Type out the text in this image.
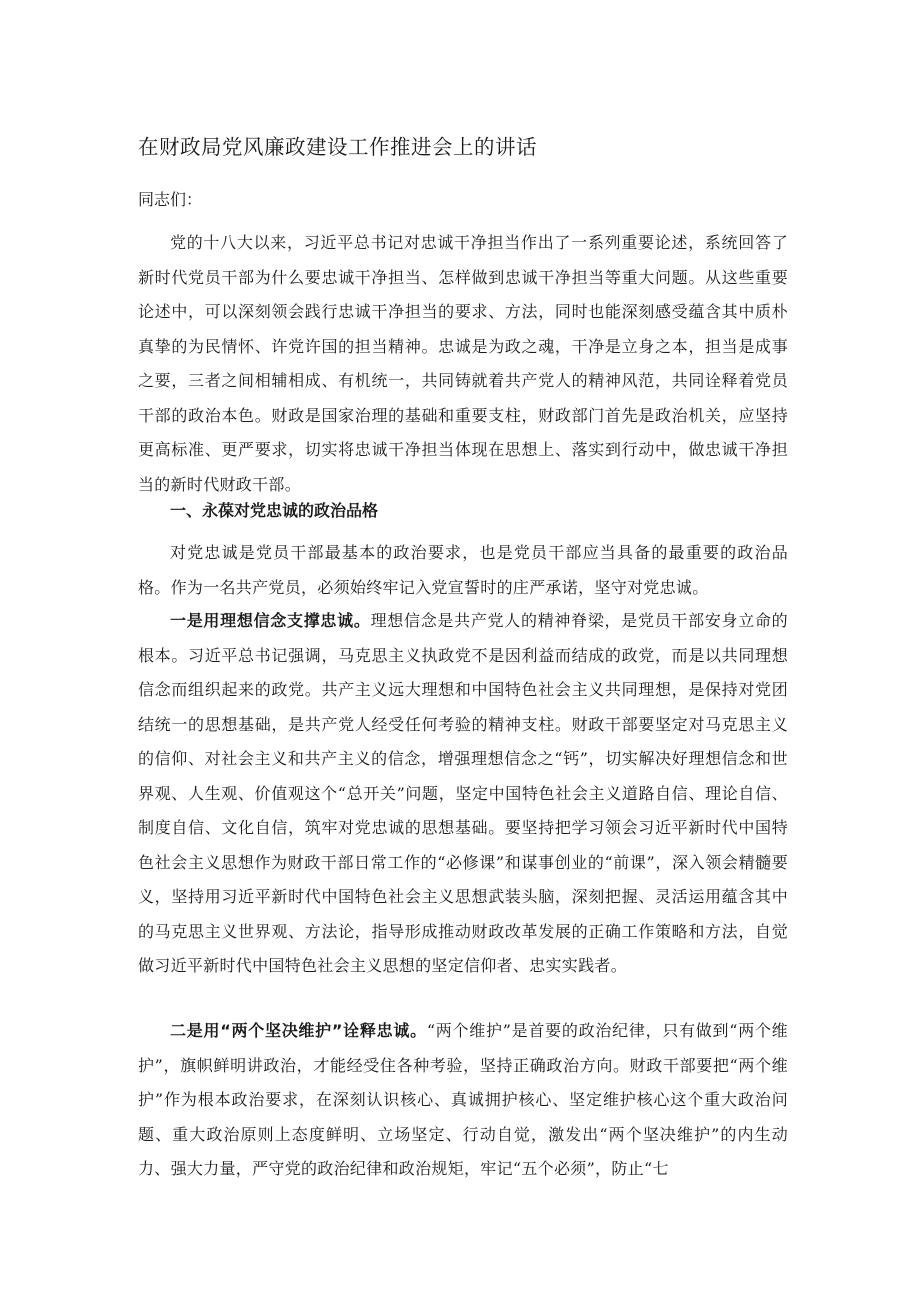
在财政局党风廉政建设工作推进会上的讲话

同志们：

党的十八大以来，习近平总书记对忠诚干净担当作出了一系列重要论述，系统回答了新时代党员干部为什么要忠诚干净担当、怎样做到忠诚干净担当等重大问题。从这些重要论述中，可以深刻领会践行忠诚干净担当的要求、方法，同时也能深刻感受蕴含其中质朴真挚的为民情怀、许党许国的担当精神。忠诚是为政之魂，干净是立身之本，担当是成事之要，三者之间相辅相成、有机统一，共同铸就着共产党人的精神风范，共同诠释着党员干部的政治本色。财政是国家治理的基础和重要支柱，财政部门首先是政治机关，应坚持更高标准、更严要求，切实将忠诚干净担当体现在思想上、落实到行动中，做忠诚干净担当的新时代财政干部。

一、永葆对党忠诚的政治品格

对党忠诚是党员干部最基本的政治要求，也是党员干部应当具备的最重要的政治品格。作为一名共产党员，必须始终牢记入党宣誓时的庄严承诺，坚守对党忠诚。

一是用理想信念支撑忠诚。理想信念是共产党人的精神脊梁，是党员干部安身立命的根本。习近平总书记强调，马克思主义执政党不是因利益而结成的政党，而是以共同理想信念而组织起来的政党。共产主义远大理想和中国特色社会主义共同理想，是保持对党团结统一的思想基础，是共产党人经受任何考验的精神支柱。财政干部要坚定对马克思主义的信仰、对社会主义和共产主义的信念，增强理想信念之“钙”，切实解决好理想信念和世界观、人生观、价值观这个“总开关”问题，坚定中国特色社会主义道路自信、理论自信、制度自信、文化自信，筑牢对党忠诚的思想基础。要坚持把学习领会习近平新时代中国特色社会主义思想作为财政干部日常工作的“必修课”和谋事创业的“前课”，深入领会精髓要义，坚持用习近平新时代中国特色社会主义思想武装头脑，深刻把握、灵活运用蕴含其中的马克思主义世界观、方法论，指导形成推动财政改革发展的正确工作策略和方法，自觉做习近平新时代中国特色社会主义思想的坚定信仰者、忠实实践者。

二是用“两个坚决维护”诠释忠诚。“两个维护”是首要的政治纪律，只有做到“两个维护”，旗帜鲜明讲政治，才能经受住各种考验，坚持正确政治方向。财政干部要把“两个维护”作为根本政治要求，在深刻认识核心、真诚拥护核心、坚定维护核心这个重大政治问题、重大政治原则上态度鲜明、立场坚定、行动自觉，激发出“两个坚决维护”的内生动力、强大力量，严守党的政治纪律和政治规矩，牢记“五个必须”，防止“七
